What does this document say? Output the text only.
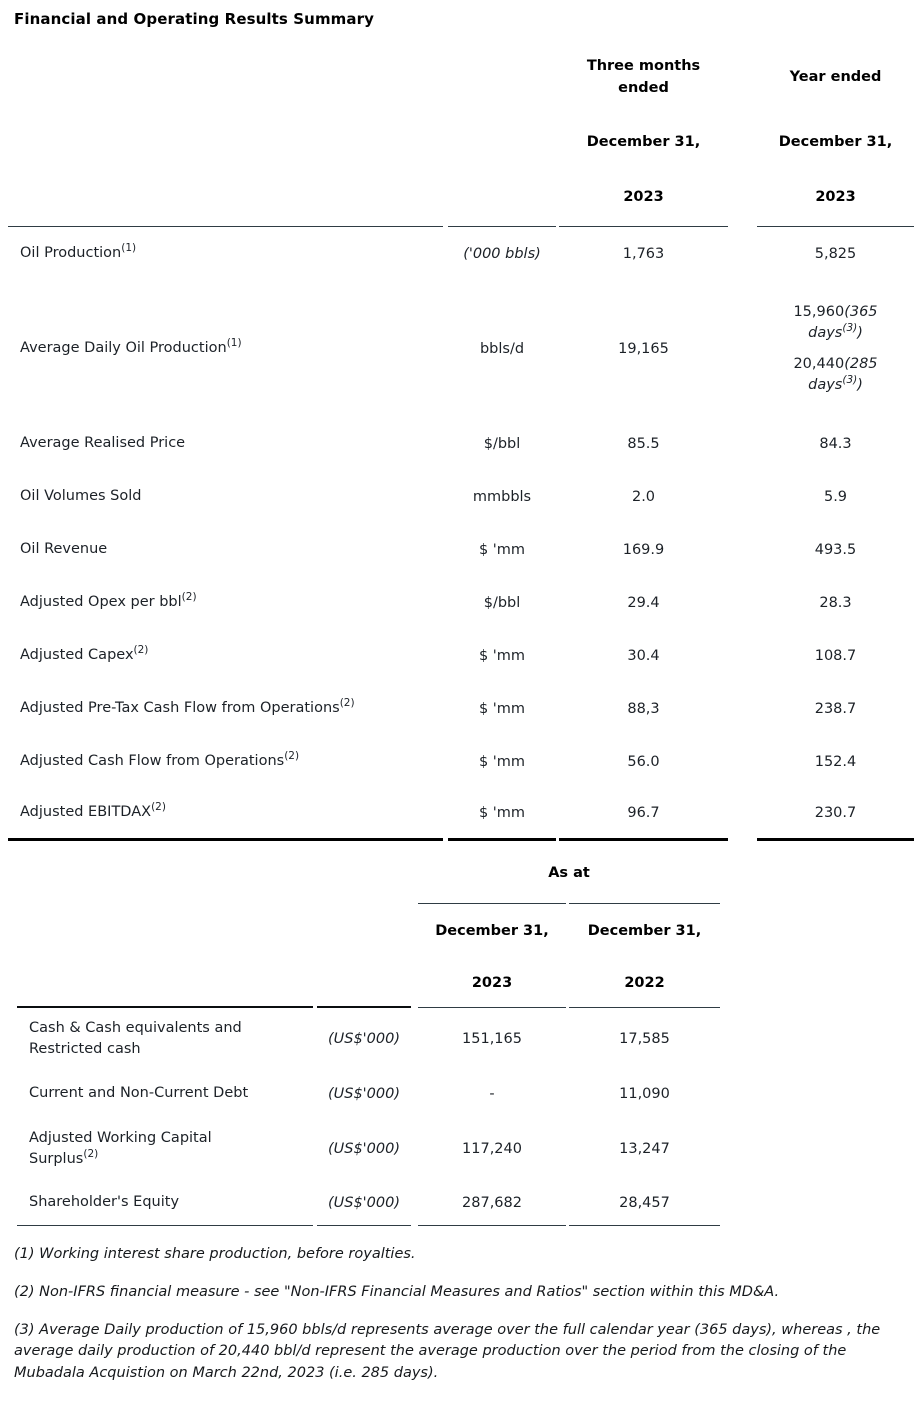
Financial and Operating Results Summary
				Three months ended		Year ended
				December 31,		December 31,
				2023		2023
Oil Production$^{(1)}$		('000 bbls)		1,763		5,825
Average Daily Oil Production$^{(1)}$		bbls/d		19,165		15,960(365 days$^{(3)}$)
20,440(285 days$^{(3)}$)
Average Realised Price		$/bbl		85.5		84.3
Oil Volumes Sold		mmbbls		2.0		5.9
Oil Revenue		$ 'mm		169.9		493.5
Adjusted Opex per bbl$^{(2)}$		$/bbl		29.4		28.3
Adjusted Capex$^{(2)}$		$ 'mm		30.4		108.7
Adjusted Pre-Tax Cash Flow from Operations$^{(2)}$		$ 'mm		88,3		238.7
Adjusted Cash Flow from Operations$^{(2)}$		$ 'mm		56.0		152.4
Adjusted EBITDAX$^{(2)}$		$ 'mm		96.7		230.7
				As at		
				December 31,		December 31,
				2023		2022
Cash & Cash equivalents and Restricted cash		(US$'000)		151,165		17,585
Current and Non-Current Debt		(US$'000)		-		11,090
Adjusted Working Capital Surplus$^{(2)}$		(US$'000)		117,240		13,247
Shareholder's Equity		(US$'000)		287,682		28,457

(1) Working interest share production, before royalties.

(2) Non-IFRS financial measure - see "Non-IFRS Financial Measures and Ratios" section within this MD&A.

(3) Average Daily production of 15,960 bbls/d represents average over the full calendar year (365 days), whereas , the average daily production of 20,440 bbl/d represent the average production over the period from the closing of the Mubadala Acquistion on March 22nd, 2023 (i.e. 285 days).
